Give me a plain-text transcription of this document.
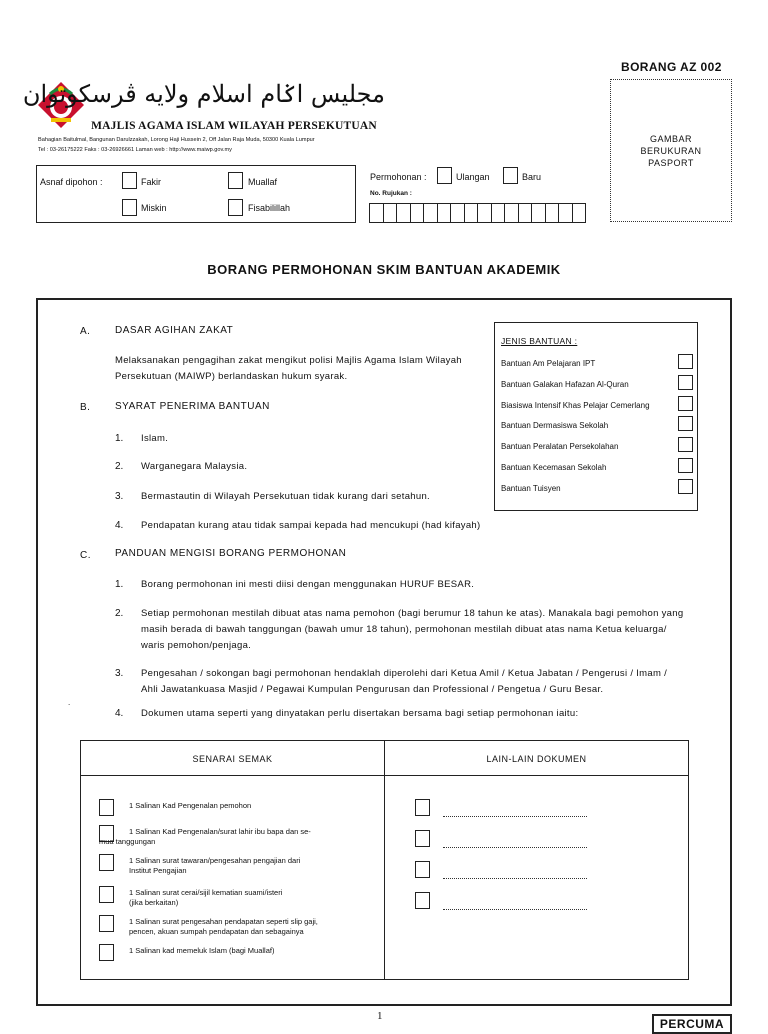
مجليس اݢام اسلام ولايه ڤرسکوتوان
MAJLIS AGAMA ISLAM WILAYAH PERSEKUTUAN
Bahagian Baitulmal, Bangunan Darulzzakah, Lorong Haji Hussein 2, Off Jalan Raja Muda, 50300 Kuala Lumpur
Tel : 03-26175222 Faks : 03-26926661 Laman web : http://www.maiwp.gov.my
BORANG AZ 002
GAMBAR
BERUKURAN
PASPORT
Asnaf dipohon :	Fakir	Muallaf
Miskin	Fisabilillah
Permohonan :	Ulangan	Baru
No. Rujukan :
BORANG PERMOHONAN SKIM BANTUAN AKADEMIK
JENIS BANTUAN :
Bantuan Am Pelajaran IPT
Bantuan Galakan Hafazan Al-Quran
Biasiswa Intensif Khas Pelajar Cemerlang
Bantuan Dermasiswa Sekolah
Bantuan Peralatan Persekolahan
Bantuan Kecemasan Sekolah
Bantuan Tuisyen
A. DASAR AGIHAN ZAKAT
Melaksanakan pengagihan zakat mengikut polisi Majlis Agama Islam Wilayah
Persekutuan (MAIWP) berlandaskan hukum syarak.
B. SYARAT PENERIMA BANTUAN
1. Islam.
2. Warganegara Malaysia.
3. Bermastautin di Wilayah Persekutuan tidak kurang dari setahun.
4. Pendapatan kurang atau tidak sampai kepada had mencukupi (had kifayah)
C. PANDUAN MENGISI BORANG PERMOHONAN
1. Borang permohonan ini mesti diisi dengan menggunakan HURUF BESAR.
2. Setiap permohonan mestilah dibuat atas nama pemohon (bagi berumur 18 tahun ke atas). Manakala bagi pemohon yang
masih berada di bawah tanggungan (bawah umur 18 tahun), permohonan mestilah dibuat atas nama Ketua keluarga/
waris pemohon/penjaga.
3. Pengesahan / sokongan bagi permohonan hendaklah diperolehi dari Ketua Amil / Ketua Jabatan / Pengerusi / Imam /
Ahli Jawatankuasa Masjid / Pegawai Kumpulan Pengurusan dan Professional / Pengetua / Guru Besar.
4. Dokumen utama seperti yang dinyatakan perlu disertakan bersama bagi setiap permohonan iaitu:
.
SENARAI SEMAK	LAIN-LAIN DOKUMEN
1 Salinan Kad Pengenalan pemohon
1 Salinan Kad Pengenalan/surat lahir ibu bapa dan se-
mua tanggungan
1 Salinan surat tawaran/pengesahan pengajian dari
Institut Pengajian
1 Salinan surat cerai/sijil kematian suami/isteri
(jika berkaitan)
1 Salinan surat pengesahan pendapatan seperti slip gaji,
pencen, akuan sumpah pendapatan dan sebagainya
1 Salinan kad memeluk Islam (bagi Muallaf)
1
PERCUMA
